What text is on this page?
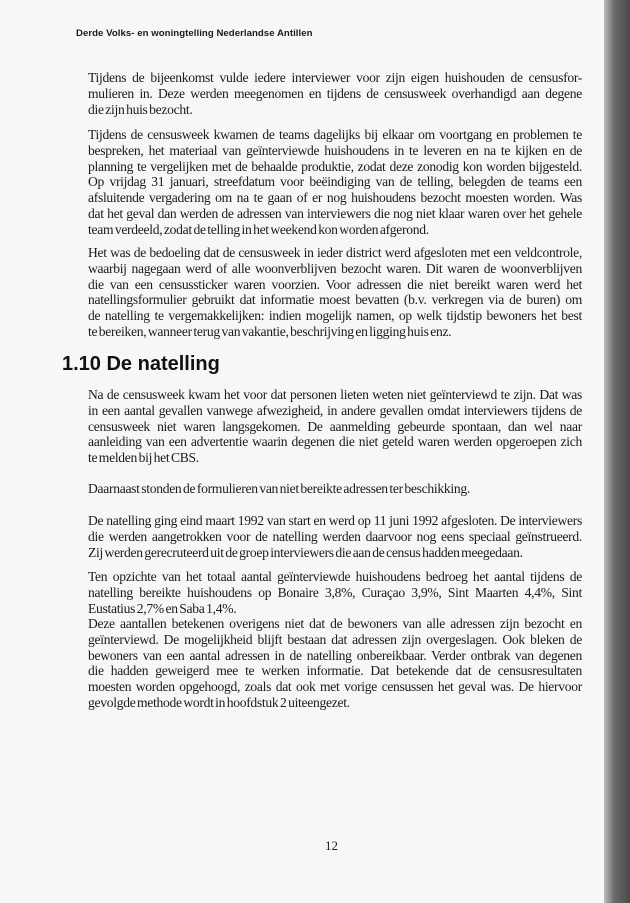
Derde Volks- en woningtelling Nederlandse Antillen
Tijdens de bijeenkomst vulde iedere interviewer voor zijn eigen huishouden de censusfor-
mulieren in. Deze werden meegenomen en tijdens de censusweek overhandigd aan degene
die zijn huis bezocht.
Tijdens de censusweek kwamen de teams dagelijks bij elkaar om voortgang en problemen te
bespreken, het materiaal van geïnterviewde huishoudens in te leveren en na te kijken en de
planning te vergelijken met de behaalde produktie, zodat deze zonodig kon worden bijgesteld.
Op vrijdag 31 januari, streefdatum voor beëindiging van de telling, belegden de teams een
afsluitende vergadering om na te gaan of er nog huishoudens bezocht moesten worden. Was
dat het geval dan werden de adressen van interviewers die nog niet klaar waren over het gehele
team verdeeld, zodat de telling in het weekend kon worden afgerond.
Het was de bedoeling dat de censusweek in ieder district werd afgesloten met een veldcontrole,
waarbij nagegaan werd of alle woonverblijven bezocht waren. Dit waren de woonverblijven
die van een censussticker waren voorzien. Voor adressen die niet bereikt waren werd het
natellingsformulier gebruikt dat informatie moest bevatten (b.v. verkregen via de buren) om
de natelling te vergemakkelijken: indien mogelijk namen, op welk tijdstip bewoners het best
te bereiken, wanneer terug van vakantie, beschrijving en ligging huis enz.
1.10 De natelling
Na de censusweek kwam het voor dat personen lieten weten niet geïnterviewd te zijn. Dat was
in een aantal gevallen vanwege afwezigheid, in andere gevallen omdat interviewers tijdens de
censusweek niet waren langsgekomen. De aanmelding gebeurde spontaan, dan wel naar
aanleiding van een advertentie waarin degenen die niet geteld waren werden opgeroepen zich
te melden bij het CBS.
Daarnaast stonden de formulieren van niet bereikte adressen ter beschikking.
De natelling ging eind maart 1992 van start en werd op 11 juni 1992 afgesloten. De interviewers
die werden aangetrokken voor de natelling werden daarvoor nog eens speciaal geïnstrueerd.
Zij werden gerecruteerd uit de groep interviewers die aan de census hadden meegedaan.
Ten opzichte van het totaal aantal geïnterviewde huishoudens bedroeg het aantal tijdens de
natelling bereikte huishoudens op Bonaire 3,8%, Curaçao 3,9%, Sint Maarten 4,4%, Sint
Eustatius 2,7% en Saba 1,4%.
Deze aantallen betekenen overigens niet dat de bewoners van alle adressen zijn bezocht en
geïnterviewd. De mogelijkheid blijft bestaan dat adressen zijn overgeslagen. Ook bleken de
bewoners van een aantal adressen in de natelling onbereikbaar. Verder ontbrak van degenen
die hadden geweigerd mee te werken informatie. Dat betekende dat de censusresultaten
moesten worden opgehoogd, zoals dat ook met vorige censussen het geval was. De hiervoor
gevolgde methode wordt in hoofdstuk 2 uiteengezet.
12
